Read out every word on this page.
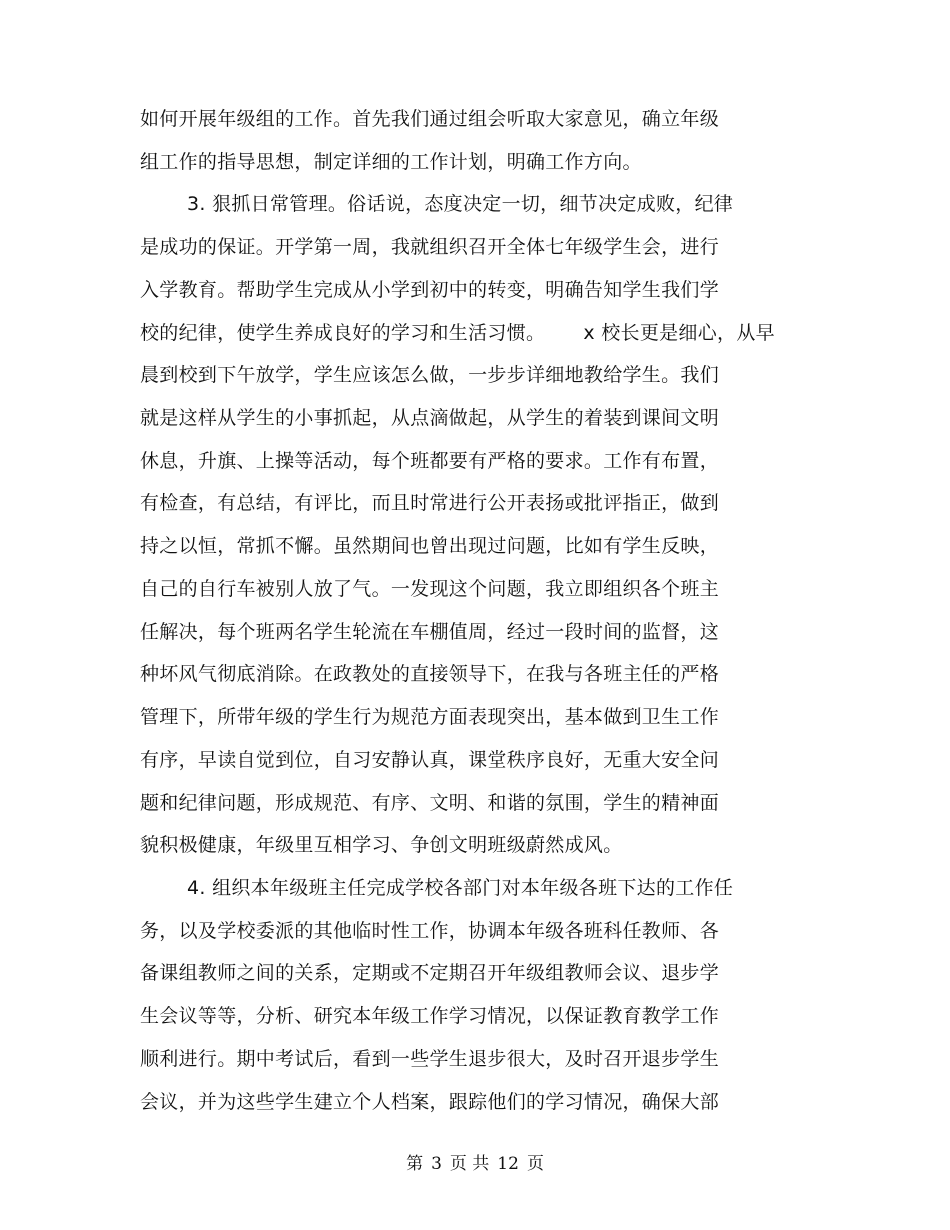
如何开展年级组的工作。首先我们通过组会听取大家意见，确立年级
组工作的指导思想，制定详细的工作计划，明确工作方向。
3. 狠抓日常管理。俗话说，态度决定一切，细节决定成败，纪律
是成功的保证。开学第一周，我就组织召开全体七年级学生会，进行
入学教育。帮助学生完成从小学到初中的转变，明确告知学生我们学
校的纪律，使学生养成良好的学习和生活习惯。      x 校长更是细心，从早
晨到校到下午放学，学生应该怎么做，一步步详细地教给学生。我们
就是这样从学生的小事抓起，从点滴做起，从学生的着装到课间文明
休息，升旗、上操等活动，每个班都要有严格的要求。工作有布置，
有检查，有总结，有评比，而且时常进行公开表扬或批评指正，做到
持之以恒，常抓不懈。虽然期间也曾出现过问题，比如有学生反映，
自己的自行车被别人放了气。一发现这个问题，我立即组织各个班主
任解决，每个班两名学生轮流在车棚值周，经过一段时间的监督，这
种坏风气彻底消除。在政教处的直接领导下，在我与各班主任的严格
管理下，所带年级的学生行为规范方面表现突出，基本做到卫生工作
有序，早读自觉到位，自习安静认真，课堂秩序良好，无重大安全问
题和纪律问题，形成规范、有序、文明、和谐的氛围，学生的精神面
貌积极健康，年级里互相学习、争创文明班级蔚然成风。
4. 组织本年级班主任完成学校各部门对本年级各班下达的工作任
务，以及学校委派的其他临时性工作，协调本年级各班科任教师、各
备课组教师之间的关系，定期或不定期召开年级组教师会议、退步学
生会议等等，分析、研究本年级工作学习情况，以保证教育教学工作
顺利进行。期中考试后，看到一些学生退步很大，及时召开退步学生
会议，并为这些学生建立个人档案，跟踪他们的学习情况，确保大部
第 3 页 共 12 页
